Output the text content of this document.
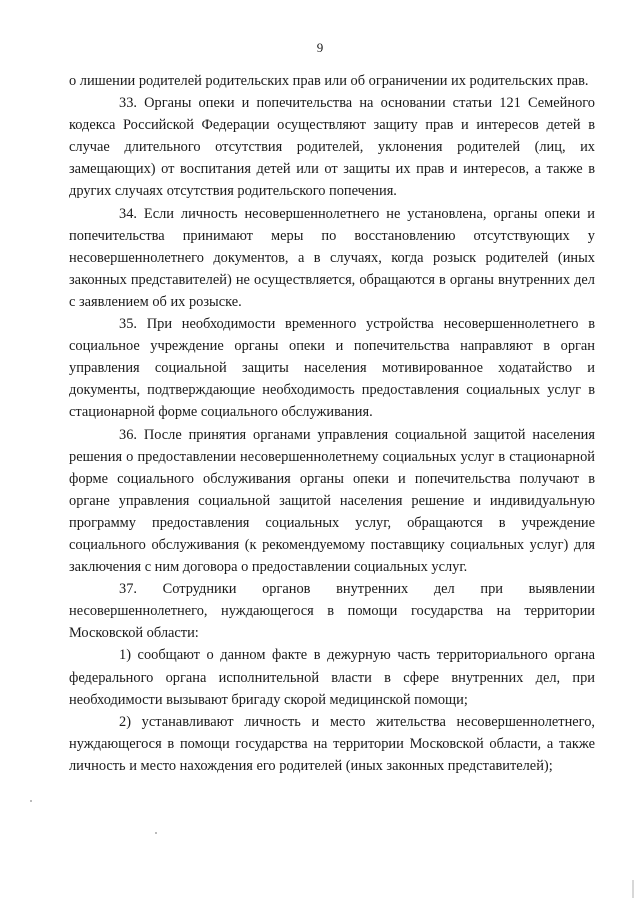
9

о лишении родителей родительских прав или об ограничении их родительских прав.

33. Органы опеки и попечительства на основании статьи 121 Семейного кодекса Российской Федерации осуществляют защиту прав и интересов детей в случае длительного отсутствия родителей, уклонения родителей (лиц, их замещающих) от воспитания детей или от защиты их прав и интересов, а также в других случаях отсутствия родительского попечения.

34. Если личность несовершеннолетнего не установлена, органы опеки и попечительства принимают меры по восстановлению отсутствующих у несовершеннолетнего документов, а в случаях, когда розыск родителей (иных законных представителей) не осуществляется, обращаются в органы внутренних дел с заявлением об их розыске.

35. При необходимости временного устройства несовершеннолетнего в социальное учреждение органы опеки и попечительства направляют в орган управления социальной защиты населения мотивированное ходатайство и документы, подтверждающие необходимость предоставления социальных услуг в стационарной форме социального обслуживания.

36. После принятия органами управления социальной защитой населения решения о предоставлении несовершеннолетнему социальных услуг в стационарной форме социального обслуживания органы опеки и попечительства получают в органе управления социальной защитой населения решение и индивидуальную программу предоставления социальных услуг, обращаются в учреждение социального обслуживания (к рекомендуемому поставщику социальных услуг) для заключения с ним договора о предоставлении социальных услуг.

37. Сотрудники органов внутренних дел при выявлении несовершеннолетнего, нуждающегося в помощи государства на территории Московской области:

1) сообщают о данном факте в дежурную часть территориального органа федерального органа исполнительной власти в сфере внутренних дел, при необходимости вызывают бригаду скорой медицинской помощи;

2) устанавливают личность и место жительства несовершеннолетнего, нуждающегося в помощи государства на территории Московской области, а также личность и место нахождения его родителей (иных законных представителей);
